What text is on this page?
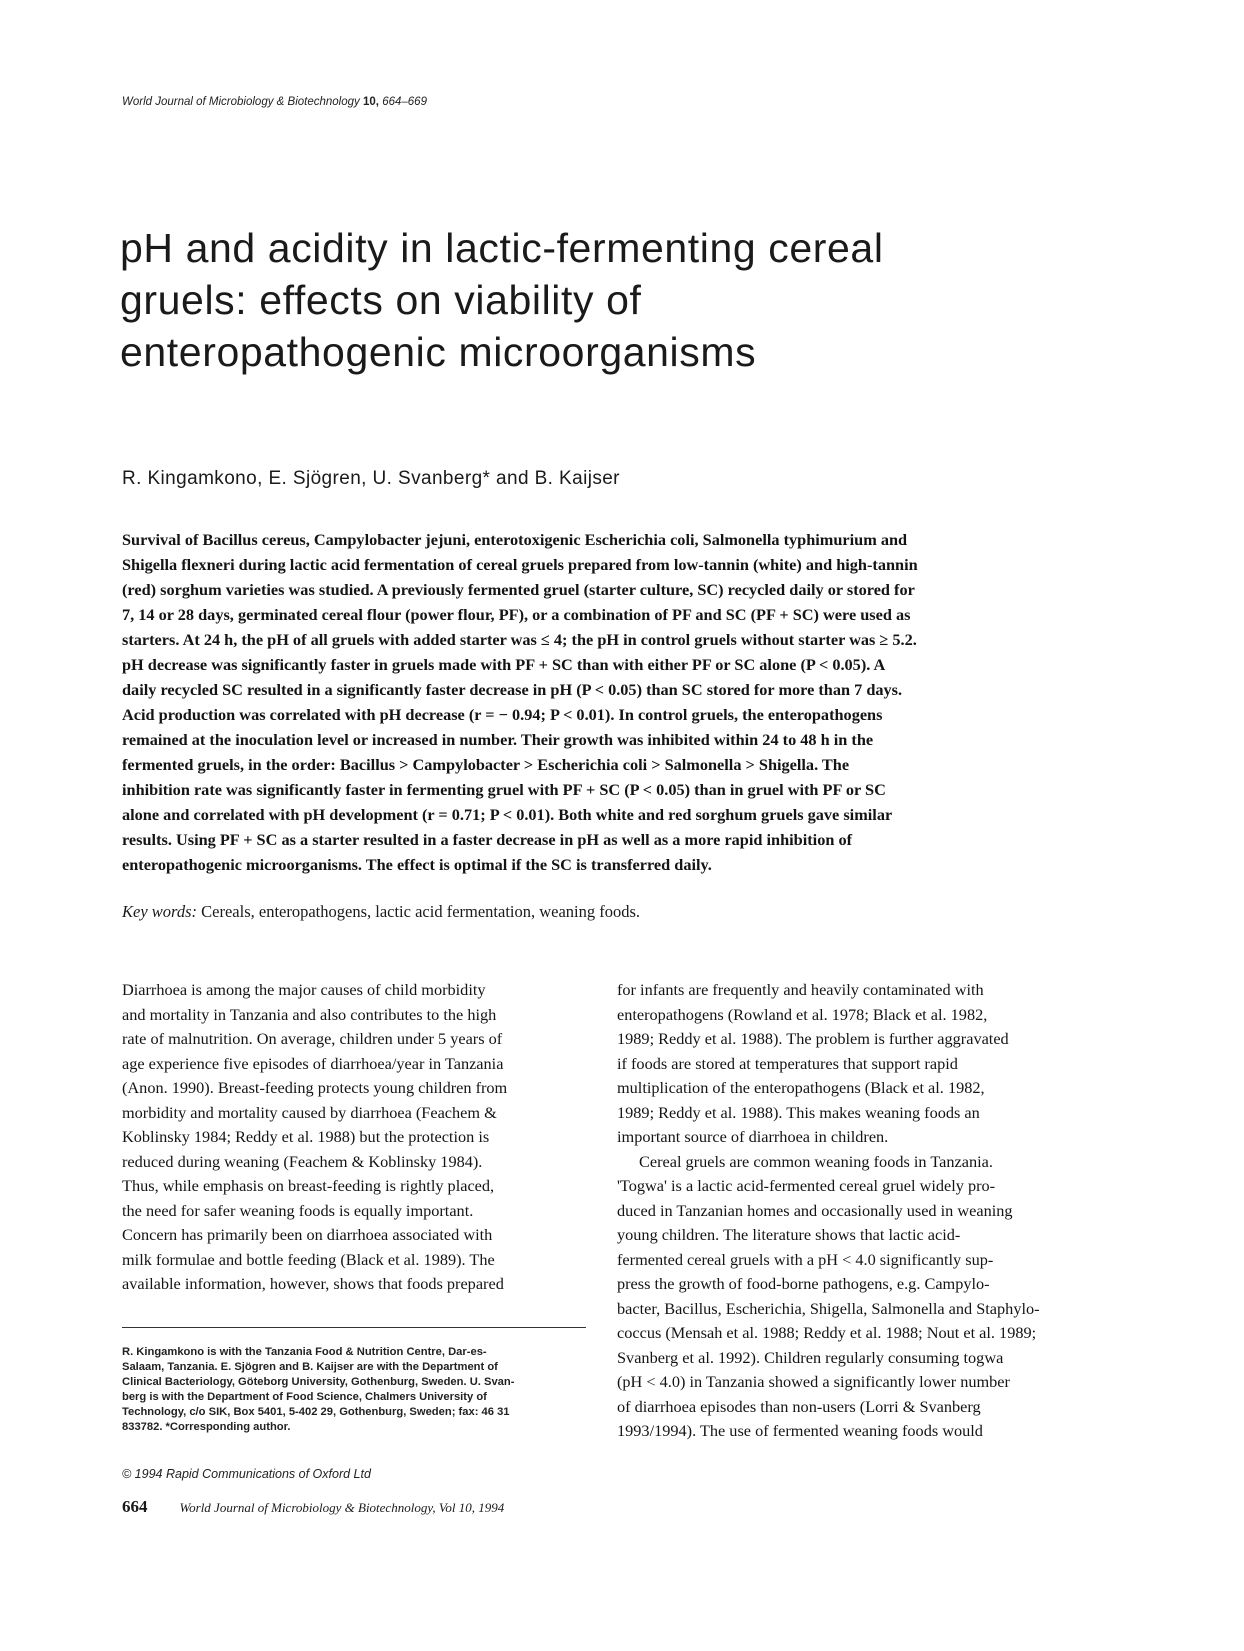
World Journal of Microbiology & Biotechnology 10, 664–669
pH and acidity in lactic-fermenting cereal
gruels: effects on viability of
enteropathogenic microorganisms
R. Kingamkono, E. Sjögren, U. Svanberg* and B. Kaijser

Survival of Bacillus cereus, Campylobacter jejuni, enterotoxigenic Escherichia coli, Salmonella typhimurium and
Shigella flexneri during lactic acid fermentation of cereal gruels prepared from low-tannin (white) and high-tannin
(red) sorghum varieties was studied. A previously fermented gruel (starter culture, SC) recycled daily or stored for
7, 14 or 28 days, germinated cereal flour (power flour, PF), or a combination of PF and SC (PF + SC) were used as
starters. At 24 h, the pH of all gruels with added starter was ≤ 4; the pH in control gruels without starter was ≥ 5.2.
pH decrease was significantly faster in gruels made with PF + SC than with either PF or SC alone (P < 0.05). A
daily recycled SC resulted in a significantly faster decrease in pH (P < 0.05) than SC stored for more than 7 days.
Acid production was correlated with pH decrease (r = − 0.94; P < 0.01). In control gruels, the enteropathogens
remained at the inoculation level or increased in number. Their growth was inhibited within 24 to 48 h in the
fermented gruels, in the order: Bacillus > Campylobacter > Escherichia coli > Salmonella > Shigella. The
inhibition rate was significantly faster in fermenting gruel with PF + SC (P < 0.05) than in gruel with PF or SC
alone and correlated with pH development (r = 0.71; P < 0.01). Both white and red sorghum gruels gave similar
results. Using PF + SC as a starter resulted in a faster decrease in pH as well as a more rapid inhibition of
enteropathogenic microorganisms. The effect is optimal if the SC is transferred daily.

Key words: Cereals, enteropathogens, lactic acid fermentation, weaning foods.
Diarrhoea is among the major causes of child morbidity
and mortality in Tanzania and also contributes to the high
rate of malnutrition. On average, children under 5 years of
age experience five episodes of diarrhoea/year in Tanzania
(Anon. 1990). Breast-feeding protects young children from
morbidity and mortality caused by diarrhoea (Feachem &
Koblinsky 1984; Reddy et al. 1988) but the protection is
reduced during weaning (Feachem & Koblinsky 1984).
Thus, while emphasis on breast-feeding is rightly placed,
the need for safer weaning foods is equally important.
Concern has primarily been on diarrhoea associated with
milk formulae and bottle feeding (Black et al. 1989). The
available information, however, shows that foods prepared
for infants are frequently and heavily contaminated with
enteropathogens (Rowland et al. 1978; Black et al. 1982,
1989; Reddy et al. 1988). The problem is further aggravated
if foods are stored at temperatures that support rapid
multiplication of the enteropathogens (Black et al. 1982,
1989; Reddy et al. 1988). This makes weaning foods an
important source of diarrhoea in children.
Cereal gruels are common weaning foods in Tanzania.
'Togwa' is a lactic acid-fermented cereal gruel widely pro-
duced in Tanzanian homes and occasionally used in weaning
young children. The literature shows that lactic acid-
fermented cereal gruels with a pH < 4.0 significantly sup-
press the growth of food-borne pathogens, e.g. Campylo-
bacter, Bacillus, Escherichia, Shigella, Salmonella and Staphylo-
coccus (Mensah et al. 1988; Reddy et al. 1988; Nout et al. 1989;
Svanberg et al. 1992). Children regularly consuming togwa
(pH < 4.0) in Tanzania showed a significantly lower number
of diarrhoea episodes than non-users (Lorri & Svanberg
1993/1994). The use of fermented weaning foods would
R. Kingamkono is with the Tanzania Food & Nutrition Centre, Dar-es-
Salaam, Tanzania. E. Sjögren and B. Kaijser are with the Department of
Clinical Bacteriology, Göteborg University, Gothenburg, Sweden. U. Svan-
berg is with the Department of Food Science, Chalmers University of
Technology, c/o SIK, Box 5401, 5-402 29, Gothenburg, Sweden; fax: 46 31
833782. *Corresponding author.
© 1994 Rapid Communications of Oxford Ltd
664 World Journal of Microbiology & Biotechnology, Vol 10, 1994
